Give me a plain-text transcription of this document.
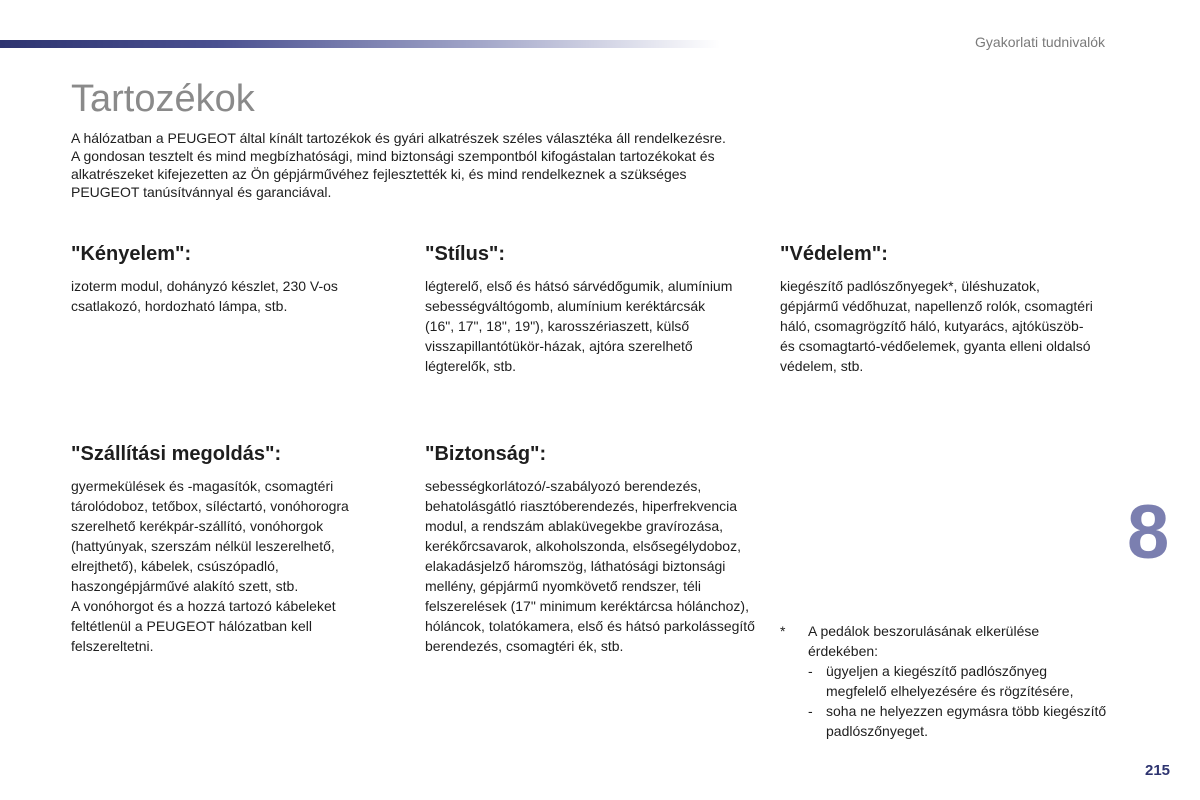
Gyakorlati tudnivalók
Tartozékok

A hálózatban a PEUGEOT által kínált tartozékok és gyári alkatrészek széles választéka áll rendelkezésre.

A gondosan tesztelt és mind megbízhatósági, mind biztonsági szempontból kifogástalan tartozékokat és alkatrészeket kifejezetten az Ön gépjárművéhez fejlesztették ki, és mind rendelkeznek a szükséges PEUGEOT tanúsítvánnyal és garanciával.

"Kényelem":

izoterm modul, dohányzó készlet, 230 V-os csatlakozó, hordozható lámpa, stb.

"Stílus":

légterelő, első és hátsó sárvédőgumik, alumínium sebességváltógomb, alumínium keréktárcsák (16", 17", 18", 19"), karosszériaszett, külső visszapillantótükör-házak, ajtóra szerelhető légterelők, stb.

"Védelem":

kiegészítő padlószőnyegek*, üléshuzatok, gépjármű védőhuzat, napellenző rolók, csomagtéri háló, csomagrögzítő háló, kutyarács, ajtóküszöb- és csomagtartó-védőelemek, gyanta elleni oldalsó védelem, stb.

"Szállítási megoldás":

gyermekülések és -magasítók, csomagtéri tárolódoboz, tetőbox, síléctartó, vonóhorogra szerelhető kerékpár-szállító, vonóhorgok (hattyúnyak, szerszám nélkül leszerelhető, elrejthető), kábelek, csúszópadló, haszongépjárművé alakító szett, stb.

A vonóhorgot és a hozzá tartozó kábeleket feltétlenül a PEUGEOT hálózatban kell felszereltetni.

"Biztonság":

sebességkorlátozó/-szabályozó berendezés, behatolásgátló riasztóberendezés, hiperfrekvencia modul, a rendszám ablaküvegekbe gravírozása, kerékőrcsavarok, alkoholszonda, elsősegélydoboz, elakadásjelző háromszög, láthatósági biztonsági mellény, gépjármű nyomkövető rendszer, téli felszerelések (17" minimum keréktárcsa hólánchoz), hóláncok, tolatókamera, első és hátsó parkolássegítő berendezés, csomagtéri ék, stb.

8
*	A pedálok beszorulásának elkerülése érdekében:
- ügyeljen a kiegészítő padlószőnyeg megfelelő elhelyezésére és rögzítésére,
- soha ne helyezzen egymásra több kiegészítő padlószőnyeget.
215
